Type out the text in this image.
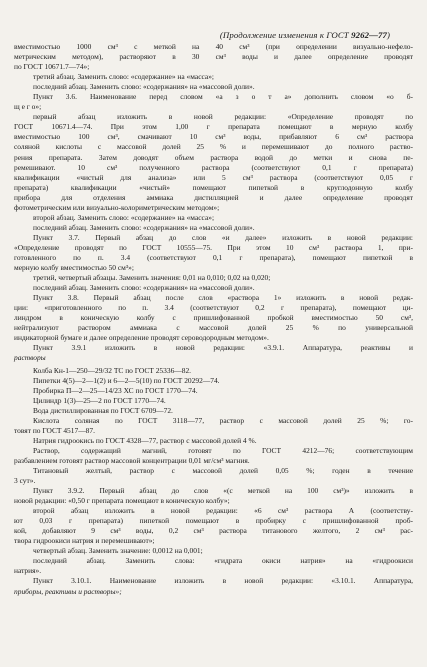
(Продолжение изменения к ГОСТ 9262—77)

вместимостью 1000 см³ с меткой на 40 см³ (при определении визуально-нефело-

метрическим методом), растворяют в 30 см³ воды и далее определение проводят

по ГОСТ 10671.7—74»;

третий абзац. Заменить слово: «содержание» на «масса»;

последний абзац. Заменить слово: «содержания» на «массовой доли».

Пункт 3.6. Наименование перед словом «а з о т а» дополнить словом «о б-

щ е г о»;

первый абзац изложить в новой редакции: «Определение проводят по

ГОСТ 10671.4—74. При этом 1,00 г препарата помещают в мерную колбу

вместимостью 100 см³, смачивают 10 см³ воды, прибавляют 6 см³ раствора

соляной кислоты с массовой долей 25 % и перемешивают до полного раство-

рения препарата. Затем доводят объем раствора водой до метки и снова пе-

ремешивают. 10 см³ полученного раствора (соответствуют 0,1 г препарата)

квалификации «чистый для анализа» или 5 см³ раствора (соответствуют 0,05 г

препарата) квалификации «чистый» помещают пипеткой в круглодонную колбу

прибора для отделения аммиака дистилляцией и далее определение проводят

фотометрическим или визуально-колориметрическим методом»;

второй абзац. Заменить слово: «содержание» на «масса»;

последний абзац. Заменить слово: «содержания» на «массовой доли».

Пункт 3.7. Первый абзац до слов «и далее» изложить в новой редакции:

«Определение проводят по ГОСТ 10555—75. При этом 10 см³ раствора 1, при-

готовленного по п. 3.4 (соответствуют 0,1 г препарата), помещают пипеткой в

мерную колбу вместимостью 50 см³»;

третий, четвертый абзацы. Заменить значения: 0,01 на 0,010; 0,02 на 0,020;

последний абзац. Заменить слово: «содержания» на «массовой доли».

Пункт 3.8. Первый абзац после слов «раствора 1» изложить в новой редак-

ции: «приготовленного по п. 3.4 (соответствуют 0,2 г препарата), помещают ци-

линдром в коническую колбу с пришлифованной пробкой вместимостью 50 см³,

нейтрализуют раствором аммиака с массовой долей 25 % по универсальной

индикаторной бумаге и далее определение проводят сероводородным методом».

Пункт 3.9.1 изложить в новой редакции: «3.9.1. Аппаратура, реактивы и

растворы

Колба Кн-1—250—29/32 ТС по ГОСТ 25336—82.

Пипетки 4(5)—2—1(2) и 6—2—5(10) по ГОСТ 20292—74.

Пробирка П—2—25—14/23 ХС по ГОСТ 1770—74.

Цилиндр 1(3)—25—2 по ГОСТ 1770—74.

Вода дистиллированная по ГОСТ 6709—72.

Кислота соляная по ГОСТ 3118—77, раствор с массовой долей 25 %; го-

товят по ГОСТ 4517—87.

Натрия гидроокись по ГОСТ 4328—77, раствор с массовой долей 4 %.

Раствор, содержащий магний, готовят по ГОСТ 4212—76; соответствующим

разбавлением готовят раствор массовой концентрации 0,01 мг/см³ магния.

Титановый желтый, раствор с массовой долей 0,05 %; годен в течение

3 сут».

Пункт 3.9.2. Первый абзац до слов «(с меткой на 100 см³)» изложить в

новой редакции: «0,50 г препарата помещают в коническую колбу»;

второй абзац изложить в новой редакции: «6 см³ раствора А (соответству-

ют 0,03 г препарата) пипеткой помещают в пробирку с пришлифованной проб-

кой, добавляют 9 см³ воды, 0,2 см³ раствора титанового желтого, 2 см³ рас-

твора гидроокиси натрия и перемешивают»;

четвертый абзац. Заменить значение: 0,0012 на 0,001;

последний абзац. Заменить слова: «гидрата окиси натрия» на «гидроокиси

натрия».

Пункт 3.10.1. Наименование изложить в новой редакции: «3.10.1. Аппаратура,

приборы, реактивы и растворы»;
